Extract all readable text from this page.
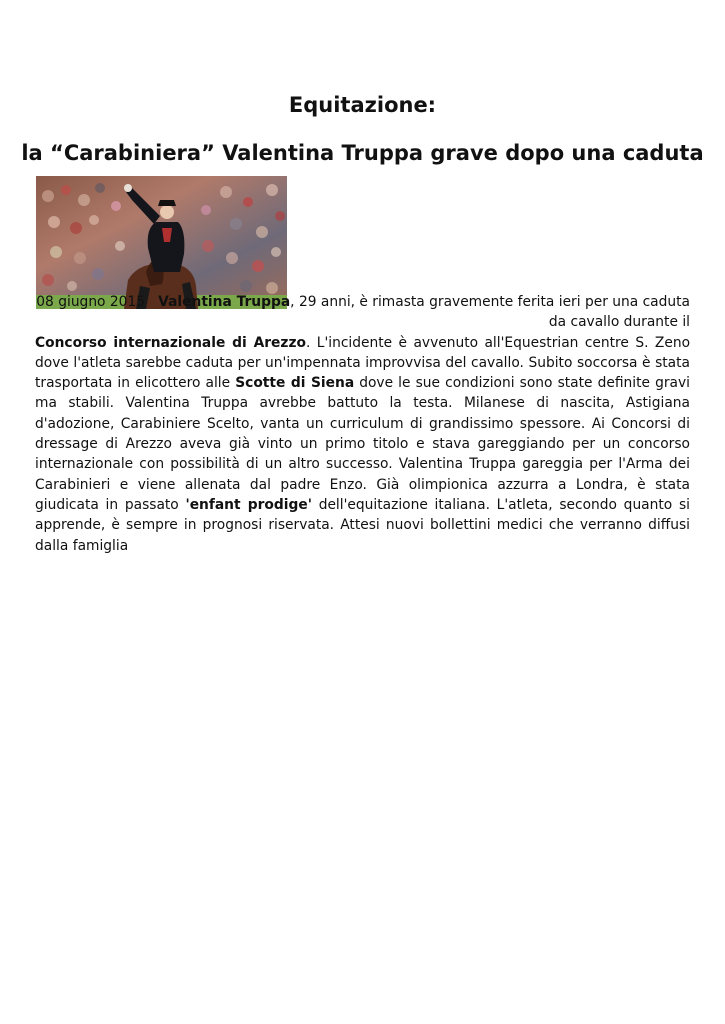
Equitazione:
la “Carabiniera” Valentina Truppa grave dopo una caduta
08 giugno 2015 Valentina Truppa, 29 anni, è rimasta gravemente ferita ieri per una caduta da cavallo durante il
Concorso internazionale di Arezzo. L'incidente è avvenuto all'Equestrian centre S. Zeno dove l'atleta sarebbe caduta per un'impennata improvvisa del cavallo. Subito soccorsa è stata trasportata in elicottero alle Scotte di Siena dove le sue condizioni sono state definite gravi ma stabili. Valentina Truppa avrebbe battuto la testa. Milanese di nascita, Astigiana d'adozione, Carabiniere Scelto, vanta un curriculum di grandissimo spessore. Ai Concorsi di dressage di Arezzo aveva già vinto un primo titolo e stava gareggiando per un concorso internazionale con possibilità di un altro successo. Valentina Truppa gareggia per l'Arma dei Carabinieri e viene allenata dal padre Enzo. Già olimpionica azzurra a Londra, è stata giudicata in passato 'enfant prodige' dell'equitazione italiana. L'atleta, secondo quanto si apprende, è sempre in prognosi riservata. Attesi nuovi bollettini medici che verranno diffusi dalla famiglia
